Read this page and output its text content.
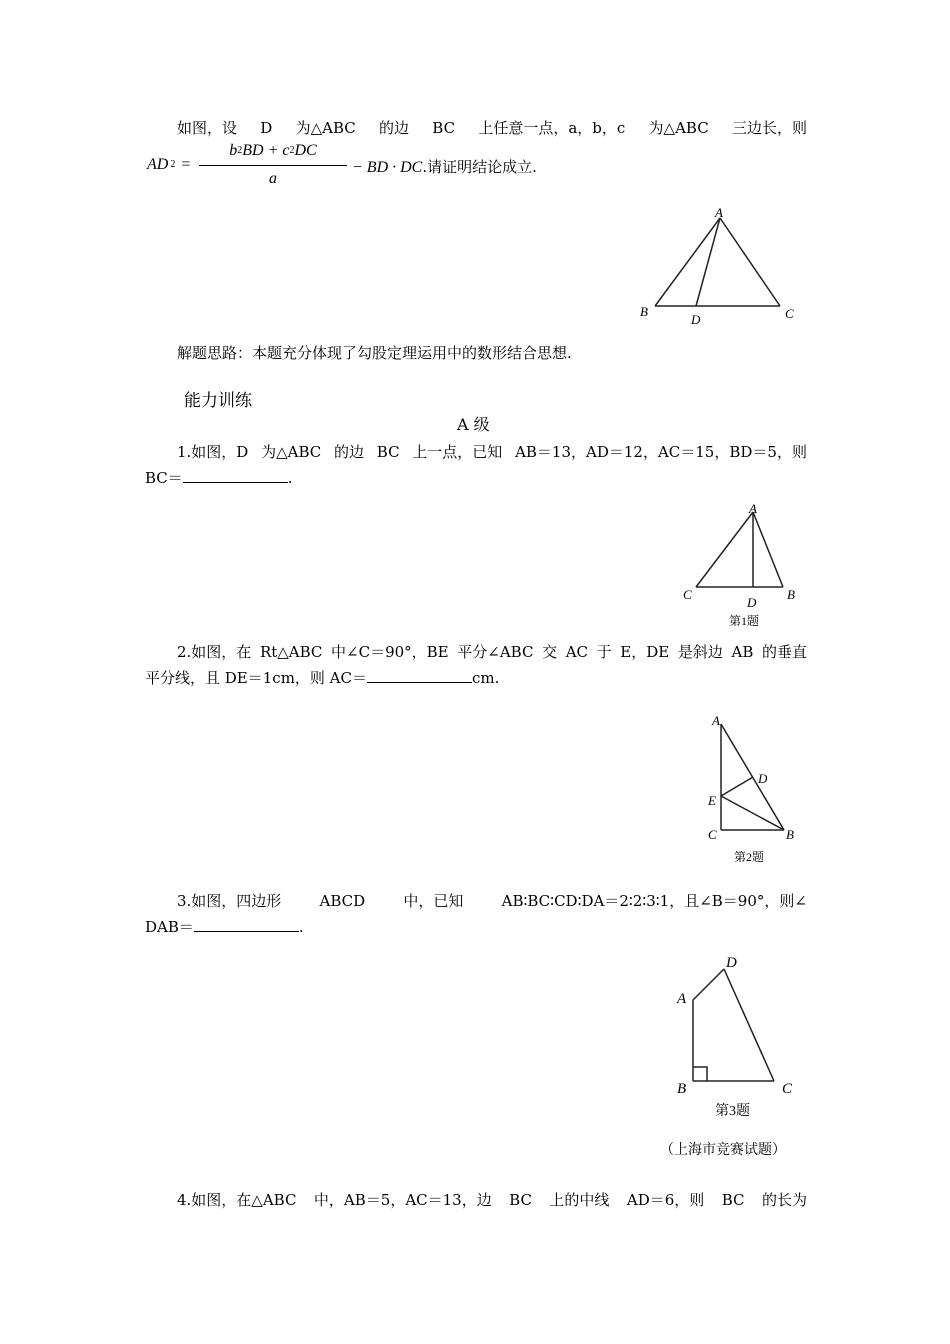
如图，设 D 为△ABC 的边 BC 上任意一点，a，b，c 为△ABC 三边长，则
AD 2 =
b2BD + c2DC
a
− BD · DC.请证明结论成立.
A
B	C
D
解题思路：本题充分体现了勾股定理运用中的数形结合思想.
能力训练
A 级
1.如图，D 为△ABC 的边 BC 上一点，已知 AB＝13，AD＝12，AC＝15，BD＝5，则
BC＝	.
A
C	B
D
第1题
2.如图，在 Rt△ABC 中∠C＝90°，BE 平分∠ABC 交 AC 于 E，DE 是斜边 AB 的垂直
平分线，且 DE＝1cm，则 AC＝	cm.
A
D
E
C	B
第2题
3.如图，四边形	ABCD	中，已知	AB∶BC∶CD∶DA＝2∶2∶3∶1，且∠B＝90°，则∠
DAB＝	.
D
A
B	C
第3题
（上海市竞赛试题）
4.如图，在△ABC 中，AB＝5，AC＝13，边 BC 上的中线 AD＝6，则 BC 的长为
